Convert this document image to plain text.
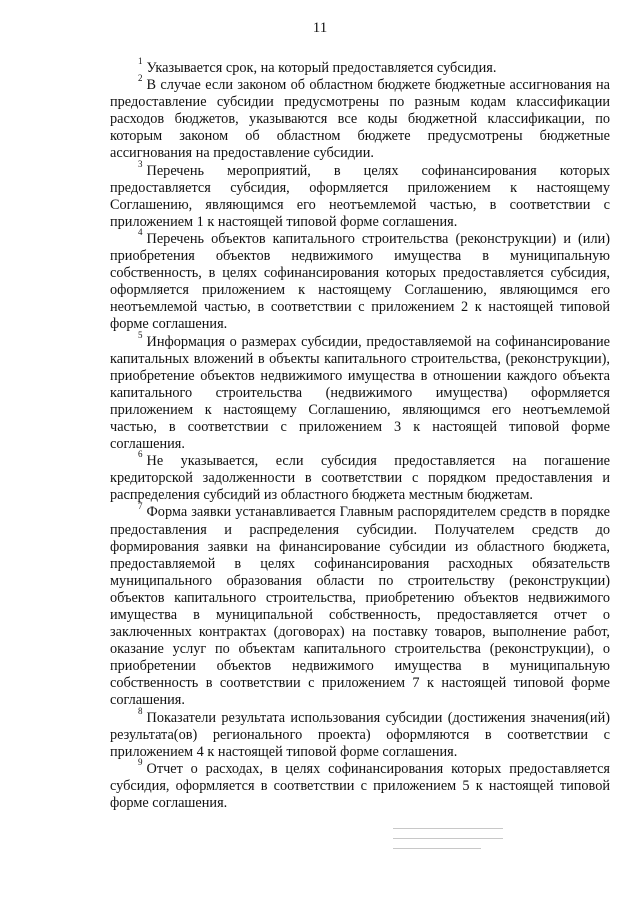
11

$^1$ Указывается срок, на который предоставляется субсидия.

$^2$ В случае если законом об областном бюджете бюджетные ассигнования на предоставление субсидии предусмотрены по разным кодам классификации расходов бюджетов, указываются все коды бюджетной классификации, по которым законом об областном бюджете предусмотрены бюджетные ассигнования на предоставление субсидии.

$^3$ Перечень мероприятий, в целях софинансирования которых предоставляется субсидия, оформляется приложением к настоящему Соглашению, являющимся его неотъемлемой частью, в соответствии с приложением 1 к настоящей типовой форме соглашения.

$^4$ Перечень объектов капитального строительства (реконструкции) и (или) приобретения объектов недвижимого имущества в муниципальную собственность, в целях софинансирования которых предоставляется субсидия, оформляется приложением к настоящему Соглашению, являющимся его неотъемлемой частью, в соответствии с приложением 2 к настоящей типовой форме соглашения.

$^5$ Информация о размерах субсидии, предоставляемой на софинансирование капитальных вложений в объекты капитального строительства, (реконструкции), приобретение объектов недвижимого имущества в отношении каждого объекта капитального строительства (недвижимого имущества) оформляется приложением к настоящему Соглашению, являющимся его неотъемлемой частью, в соответствии с приложением 3 к настоящей типовой форме соглашения.

$^6$ Не указывается, если субсидия предоставляется на погашение кредиторской задолженности в соответствии с порядком предоставления и распределения субсидий из областного бюджета местным бюджетам.

$^7$ Форма заявки устанавливается Главным распорядителем средств в порядке предоставления и распределения субсидии. Получателем средств до формирования заявки на финансирование субсидии из областного бюджета, предоставляемой в целях софинансирования расходных обязательств муниципального образования области по строительству (реконструкции) объектов капитального строительства, приобретению объектов недвижимого имущества в муниципальной собственность, предоставляется отчет о заключенных контрактах (договорах) на поставку товаров, выполнение работ, оказание услуг по объектам капитального строительства (реконструкции), о приобретении объектов недвижимого имущества в муниципальную собственность в соответствии с приложением 7 к настоящей типовой форме соглашения.

$^8$ Показатели результата использования субсидии (достижения значения(ий) результата(ов) регионального проекта) оформляются в соответствии с приложением 4 к настоящей типовой форме соглашения.

$^9$ Отчет о расходах, в целях софинансирования которых предоставляется субсидия, оформляется в соответствии с приложением 5 к настоящей типовой форме соглашения.
